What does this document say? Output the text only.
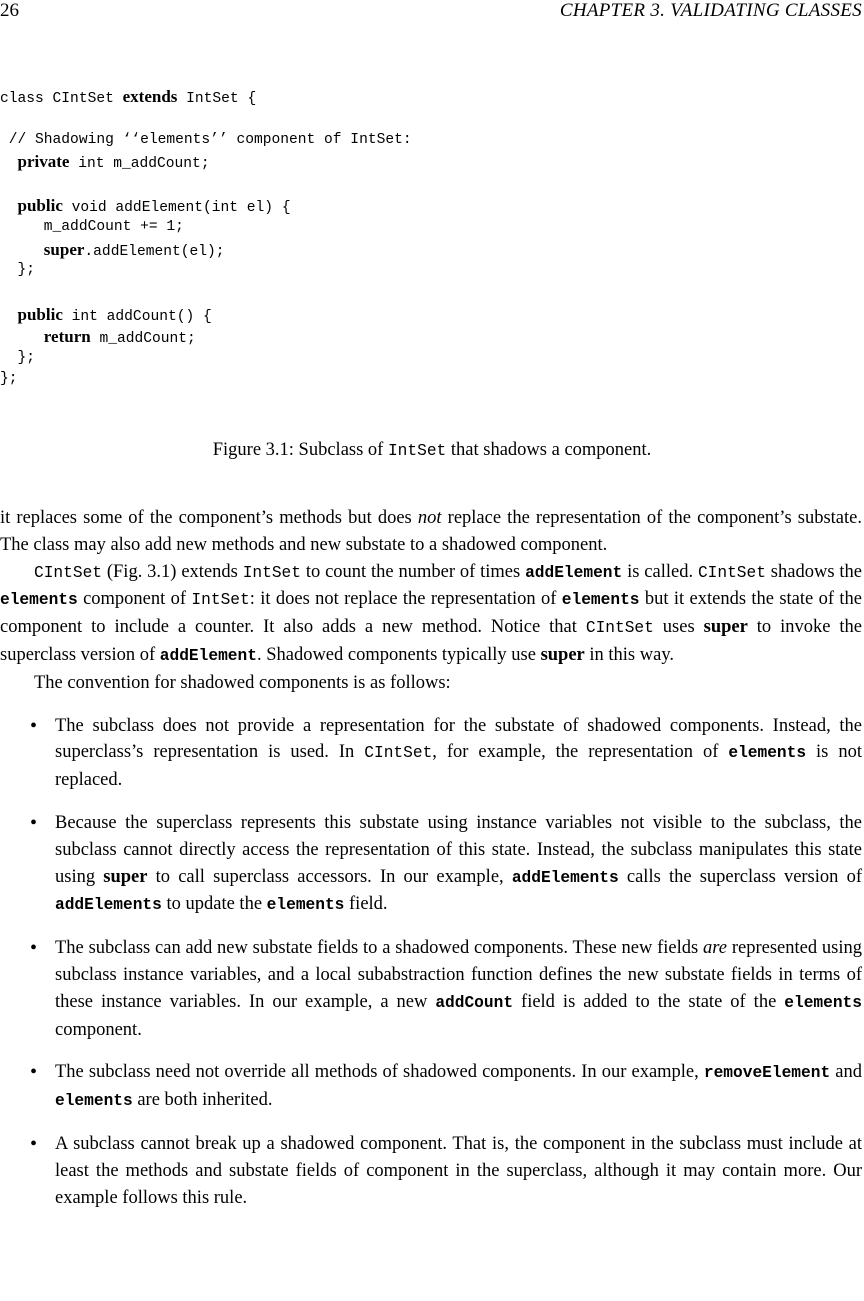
26	CHAPTER 3. VALIDATING CLASSES
class CIntSet extends IntSet {

// Shadowing ‘‘elements’’ component of IntSet:
private int m_addCount;

public void addElement(int el) {
m_addCount += 1;
super.addElement(el);
};

public int addCount() {
return m_addCount;
};
};
Figure 3.1: Subclass of IntSet that shadows a component.

it replaces some of the component’s methods but does not replace the representation of the component’s substate. The class may also add new methods and new substate to a shadowed component.

CIntSet (Fig. 3.1) extends IntSet to count the number of times addElement is called. CIntSet shadows the elements component of IntSet: it does not replace the representation of elements but it extends the state of the component to include a counter. It also adds a new method. Notice that CIntSet uses super to invoke the superclass version of addElement. Shadowed components typically use super in this way.

The convention for shadowed components is as follows:

• The subclass does not provide a representation for the substate of shadowed components. Instead, the superclass’s representation is used. In CIntSet, for example, the representation of elements is not replaced.
• Because the superclass represents this substate using instance variables not visible to the subclass, the subclass cannot directly access the representation of this state. Instead, the subclass manipulates this state using super to call superclass accessors. In our example, addElements calls the superclass version of addElements to update the elements field.
• The subclass can add new substate fields to a shadowed components. These new fields are represented using subclass instance variables, and a local subabstraction function defines the new substate fields in terms of these instance variables. In our example, a new addCount field is added to the state of the elements component.
• The subclass need not override all methods of shadowed components. In our example, removeElement and elements are both inherited.
• A subclass cannot break up a shadowed component. That is, the component in the subclass must include at least the methods and substate fields of component in the superclass, although it may contain more. Our example follows this rule.
